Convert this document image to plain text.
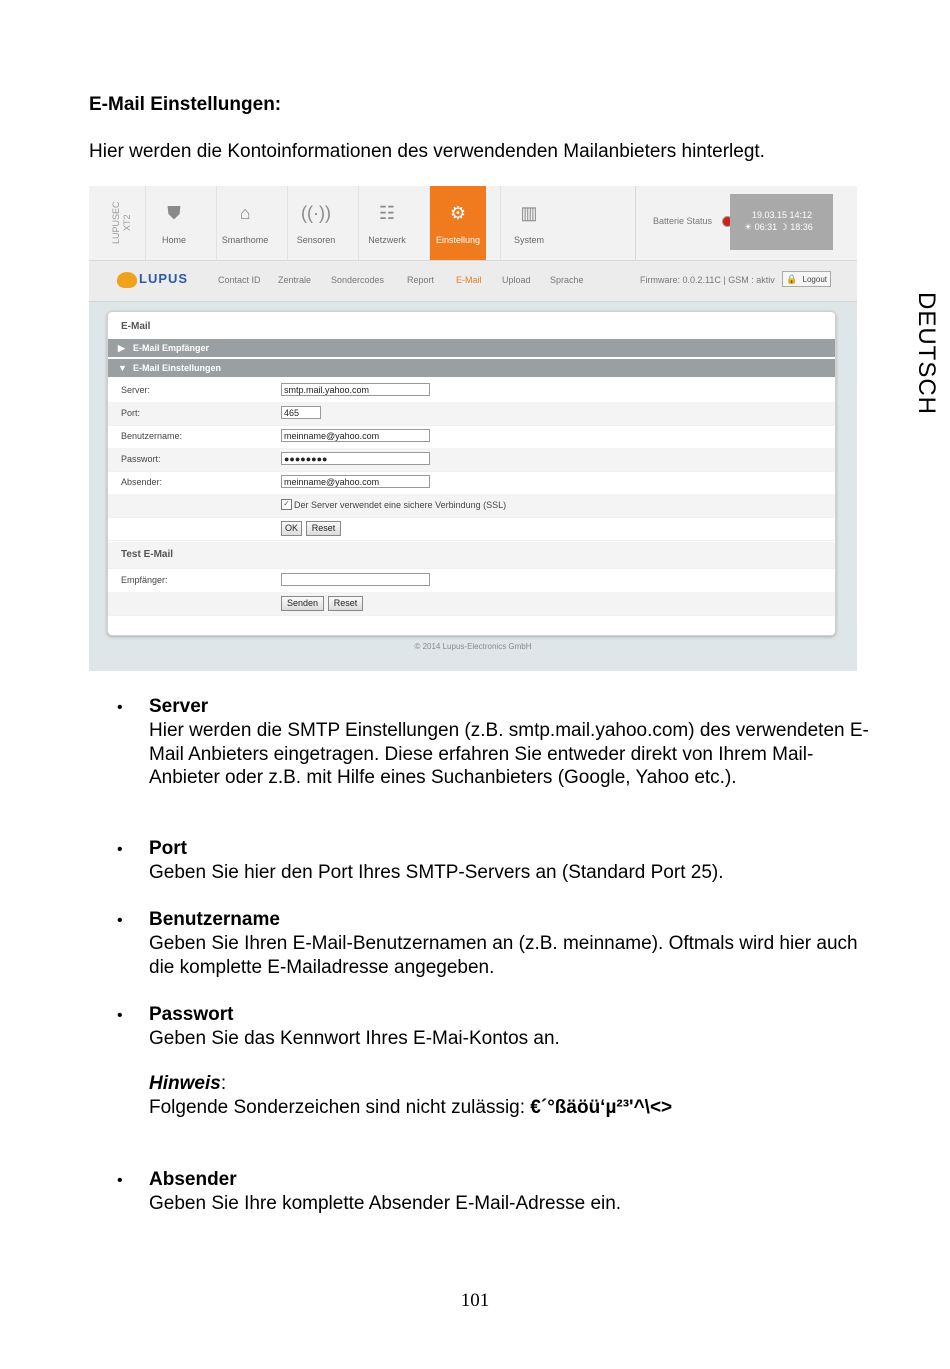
E-Mail Einstellungen:
Hier werden die Kontoinformationen des verwendenden Mailanbieters hinterlegt.
DEUTSCH
LUPUSEC XT2
⛊
Home
⌂
Smarthome
((·))
Sensoren
☷
Netzwerk
⚙
Einstellung
▥
System
Batterie Status
19.03.15 14:12
☀ 06:31 ☽ 18:36
LUPUS	Contact ID Zentrale Sondercodes	Report E-Mail Upload Sprache	Firmware: 0.0.2.11C | GSM : aktiv 🔒 Logout
E-Mail
▶ E-Mail Empfänger
▼ E-Mail Einstellungen
Server:	smtp.mail.yahoo.com
Port:	465
Benutzername:	meinname@yahoo.com
Passwort:	●●●●●●●●
Absender:	meinname@yahoo.com
✓ Der Server verwendet eine sichere Verbindung (SSL)
OK	Reset
Test E-Mail
Empfänger:
Senden	Reset
© 2014 Lupus-Electronics GmbH
• Server
Hier werden die SMTP Einstellungen (z.B. smtp.mail.yahoo.com) des verwendeten E-Mail Anbieters eingetragen. Diese erfahren Sie entweder direkt von Ihrem Mail-Anbieter oder z.B. mit Hilfe eines Suchanbieters (Google, Yahoo etc.).
• Port
Geben Sie hier den Port Ihres SMTP-Servers an (Standard Port 25).
• Benutzername
Geben Sie Ihren E-Mail-Benutzernamen an (z.B. meinname). Oftmals wird hier auch die komplette E-Mailadresse angegeben.
• Passwort
Geben Sie das Kennwort Ihres E-Mai-Kontos an.
Hinweis:
Folgende Sonderzeichen sind nicht zulässig: €´°ßäöü‘µ²³'^\<>
• Absender
Geben Sie Ihre komplette Absender E-Mail-Adresse ein.
101
